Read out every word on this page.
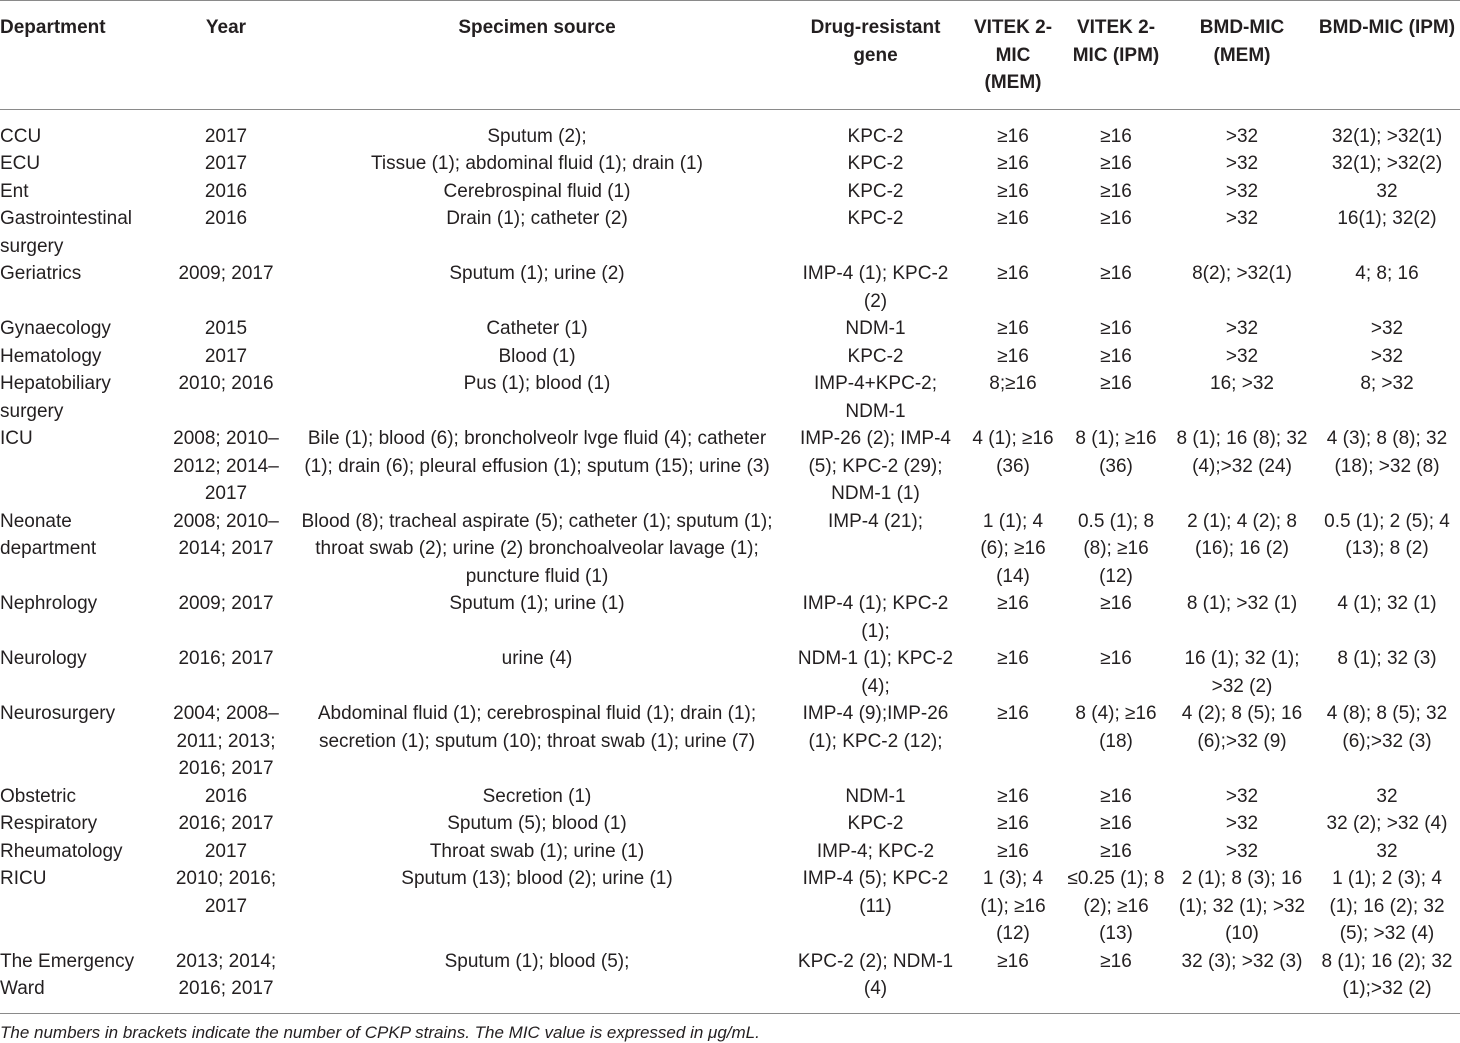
Department	Year	Specimen source	Drug-resistant gene	VITEK 2-MIC (MEM)	VITEK 2-MIC (IPM)	BMD-MIC (MEM)	BMD-MIC (IPM)
CCU	2017	Sputum (2);	KPC-2	≥16	≥16	>32	32(1); >32(1)
ECU	2017	Tissue (1); abdominal fluid (1); drain (1)	KPC-2	≥16	≥16	>32	32(1); >32(2)
Ent	2016	Cerebrospinal fluid (1)	KPC-2	≥16	≥16	>32	32
Gastrointestinal surgery	2016	Drain (1); catheter (2)	KPC-2	≥16	≥16	>32	16(1); 32(2)
Geriatrics	2009; 2017	Sputum (1); urine (2)	IMP-4 (1); KPC-2 (2)	≥16	≥16	8(2); >32(1)	4; 8; 16
Gynaecology	2015	Catheter (1)	NDM-1	≥16	≥16	>32	>32
Hematology	2017	Blood (1)	KPC-2	≥16	≥16	>32	>32
Hepatobiliary surgery	2010; 2016	Pus (1); blood (1)	IMP-4+KPC-2; NDM-1	8;≥16	≥16	16; >32	8; >32
ICU	2008; 2010–2012; 2014–2017	Bile (1); blood (6); broncholveolr lvge fluid (4); catheter (1); drain (6); pleural effusion (1); sputum (15); urine (3)	IMP-26 (2); IMP-4 (5); KPC-2 (29); NDM-1 (1)	4 (1); ≥16 (36)	8 (1); ≥16 (36)	8 (1); 16 (8); 32 (4);>32 (24)	4 (3); 8 (8); 32 (18); >32 (8)
Neonate department	2008; 2010–2014; 2017	Blood (8); tracheal aspirate (5); catheter (1); sputum (1); throat swab (2); urine (2) bronchoalveolar lavage (1); puncture fluid (1)	IMP-4 (21);	1 (1); 4 (6); ≥16 (14)	0.5 (1); 8 (8); ≥16 (12)	2 (1); 4 (2); 8 (16); 16 (2)	0.5 (1); 2 (5); 4 (13); 8 (2)
Nephrology	2009; 2017	Sputum (1); urine (1)	IMP-4 (1); KPC-2 (1);	≥16	≥16	8 (1); >32 (1)	4 (1); 32 (1)
Neurology	2016; 2017	urine (4)	NDM-1 (1); KPC-2 (4);	≥16	≥16	16 (1); 32 (1); >32 (2)	8 (1); 32 (3)
Neurosurgery	2004; 2008–2011; 2013; 2016; 2017	Abdominal fluid (1); cerebrospinal fluid (1); drain (1); secretion (1); sputum (10); throat swab (1); urine (7)	IMP-4 (9);IMP-26 (1); KPC-2 (12);	≥16	8 (4); ≥16 (18)	4 (2); 8 (5); 16 (6);>32 (9)	4 (8); 8 (5); 32 (6);>32 (3)
Obstetric	2016	Secretion (1)	NDM-1	≥16	≥16	>32	32
Respiratory	2016; 2017	Sputum (5); blood (1)	KPC-2	≥16	≥16	>32	32 (2); >32 (4)
Rheumatology	2017	Throat swab (1); urine (1)	IMP-4; KPC-2	≥16	≥16	>32	32
RICU	2010; 2016; 2017	Sputum (13); blood (2); urine (1)	IMP-4 (5); KPC-2 (11)	1 (3); 4 (1); ≥16 (12)	≤0.25 (1); 8 (2); ≥16 (13)	2 (1); 8 (3); 16 (1); 32 (1); >32 (10)	1 (1); 2 (3); 4 (1); 16 (2); 32 (5); >32 (4)
The Emergency Ward	2013; 2014; 2016; 2017	Sputum (1); blood (5);	KPC-2 (2); NDM-1 (4)	≥16	≥16	32 (3); >32 (3)	8 (1); 16 (2); 32 (1);>32 (2)
The numbers in brackets indicate the number of CPKP strains. The MIC value is expressed in μg/mL.
